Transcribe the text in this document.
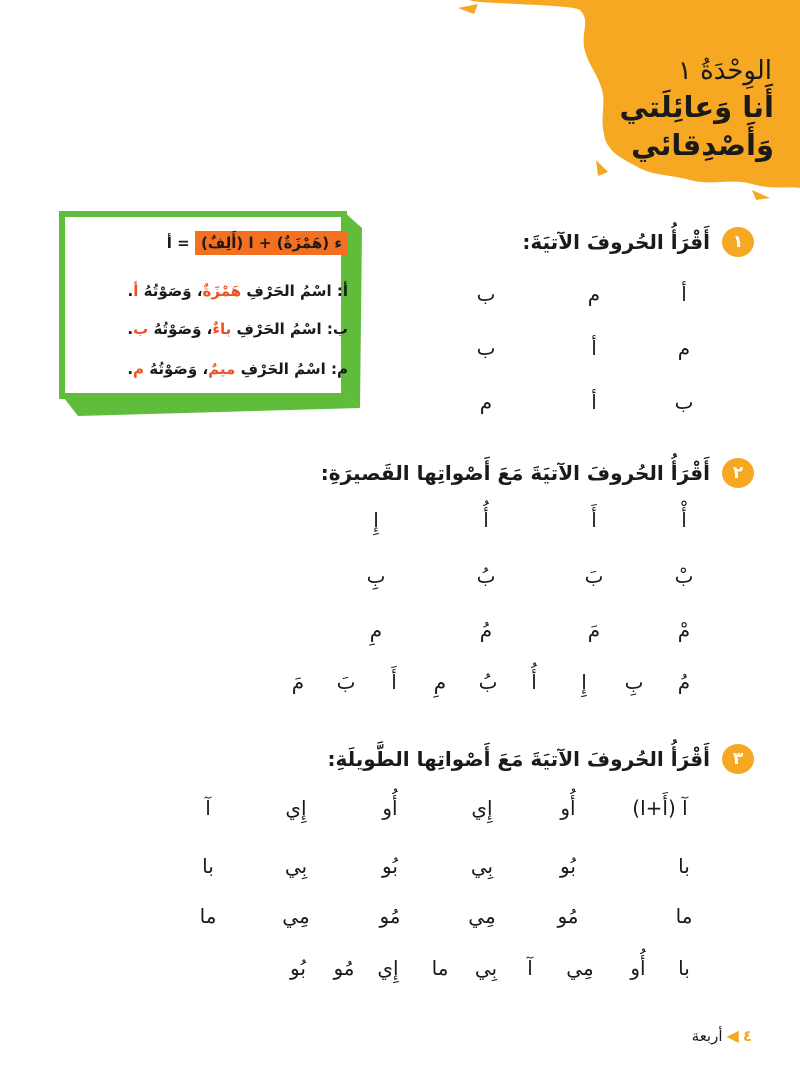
الوِحْدَةُ ١
أَنا وَعائِلَتي
وَأَصْدِقائي
ء (هَمْزَةٌ) + ا (أَلِفٌ) = أ
أ: اسْمُ الحَرْفِ هَمْزَةٌ، وَصَوْتُهُ أ.
ب: اسْمُ الحَرْفِ باءٌ، وَصَوْتُهُ ب.
م: اسْمُ الحَرْفِ ميمٌ، وَصَوْتُهُ م.
١
أَقْرَأُ الحُروفَ الآتيَةَ:
أ
م
ب
م
أ
ب
ب
أ
م
٢
أَقْرَأُ الحُروفَ الآتيَةَ مَعَ أَصْواتِها القَصيرَةِ:
أْ
أَ
أُ
إِ
بْ
بَ
بُ
بِ
مْ
مَ
مُ
مِ
مُ
بِ
إِ
أُ
بُ
مِ
أَ
بَ
مَ
٣
أَقْرَأُ الحُروفَ الآتيَةَ مَعَ أَصْواتِها الطَّويلَةِ:
آ (أَ+ا)
أُو
إِي
أُو
إِي
آ
با
بُو
بِي
بُو
بِي
با
ما
مُو
مِي
مُو
مِي
ما
با
أُو
مِي
آ
بِي
ما
إِي
مُو
بُو
٤
◀
أربعة
